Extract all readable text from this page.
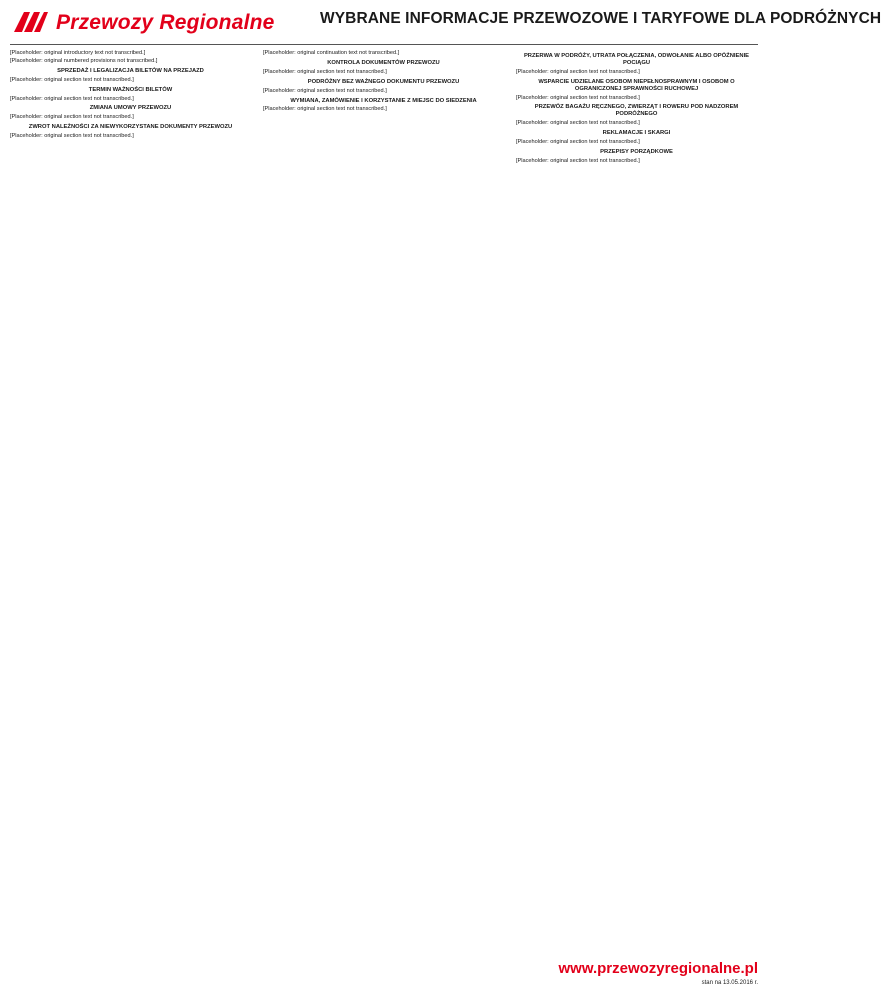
Przewozy Regionalne	WYBRANE INFORMACJE PRZEWOZOWE I TARYFOWE DLA PODRÓŻNYCH

[Placeholder: original introductory text not transcribed.]

[Placeholder: original numbered provisions not transcribed.]

SPRZEDAŻ I LEGALIZACJA BILETÓW NA PRZEJAZD

[Placeholder: original section text not transcribed.]

TERMIN WAŻNOŚCI BILETÓW

[Placeholder: original section text not transcribed.]

ZMIANA UMOWY PRZEWOZU

[Placeholder: original section text not transcribed.]

ZWROT NALEŻNOŚCI ZA NIEWYKORZYSTANE DOKUMENTY PRZEWOZU

[Placeholder: original section text not transcribed.]

[Placeholder: original continuation text not transcribed.]

KONTROLA DOKUMENTÓW PRZEWOZU

[Placeholder: original section text not transcribed.]

PODRÓŻNY BEZ WAŻNEGO DOKUMENTU PRZEWOZU

[Placeholder: original section text not transcribed.]

WYMIANA, ZAMÓWIENIE I KORZYSTANIE Z MIEJSC DO SIEDZENIA

[Placeholder: original section text not transcribed.]

PRZERWA W PODRÓŻY, UTRATA POŁĄCZENIA, ODWOŁANIE ALBO OPÓŹNIENIE POCIĄGU

[Placeholder: original section text not transcribed.]

WSPARCIE UDZIELANE OSOBOM NIEPEŁNOSPRAWNYM I OSOBOM O OGRANICZONEJ SPRAWNOŚCI RUCHOWEJ

[Placeholder: original section text not transcribed.]

PRZEWÓZ BAGAŻU RĘCZNEGO, ZWIERZĄT I ROWERU POD NADZOREM PODRÓŻNEGO

[Placeholder: original section text not transcribed.]

REKLAMACJE I SKARGI

[Placeholder: original section text not transcribed.]

PRZEPISY PORZĄDKOWE

[Placeholder: original section text not transcribed.]

www.przewozyregionalne.pl
stan na 13.05.2016 r.
